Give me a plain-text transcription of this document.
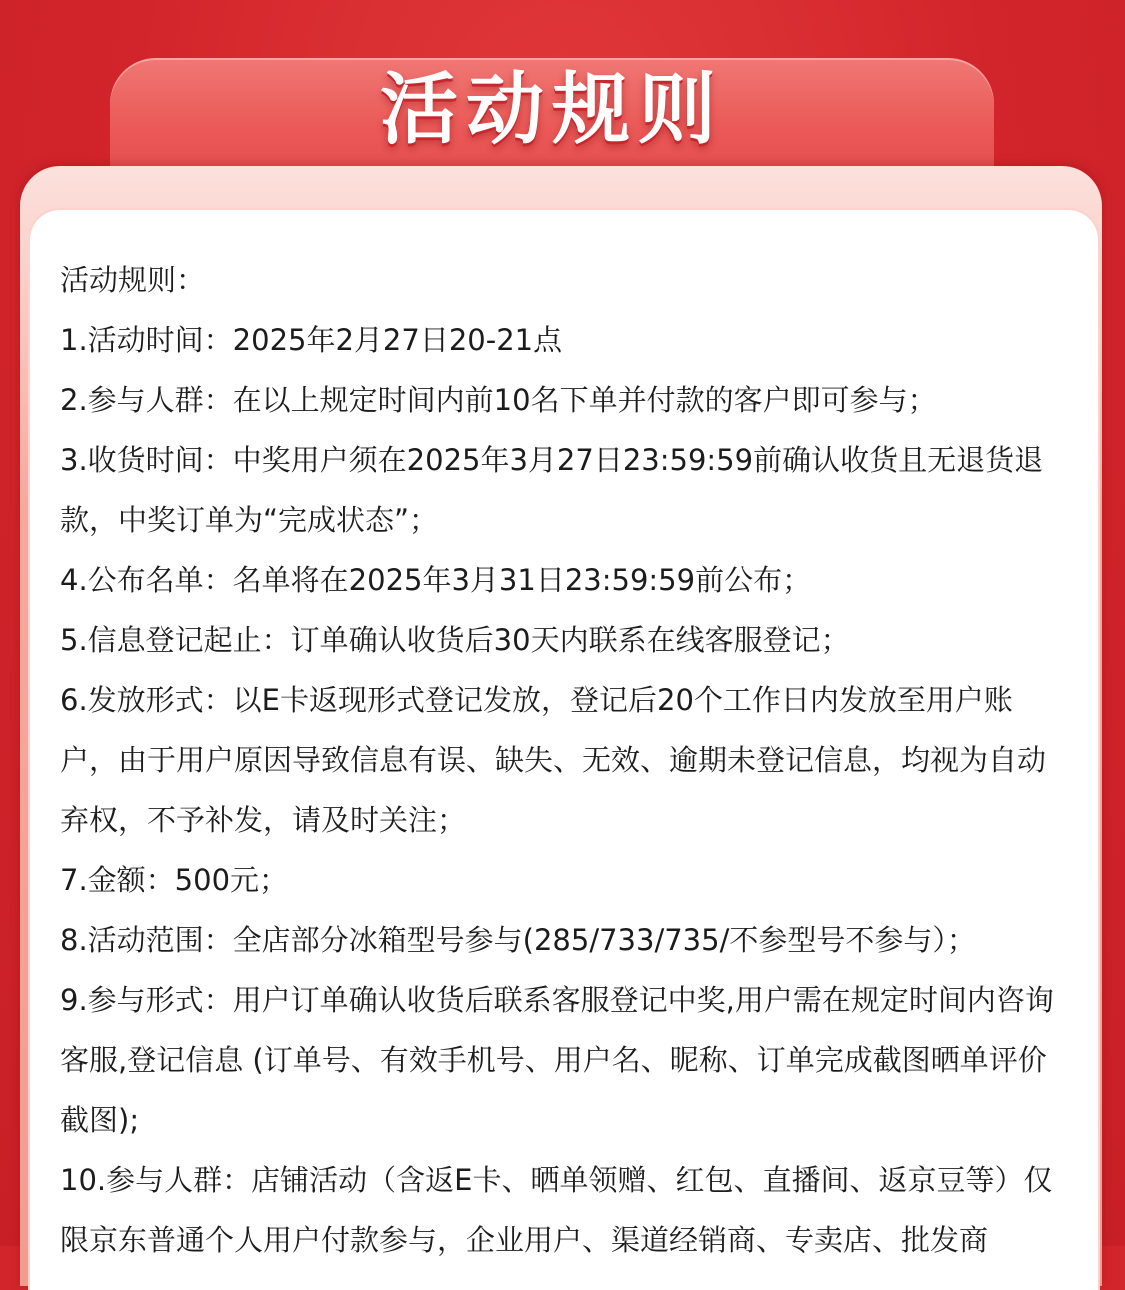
活动规则
活动规则：
1.活动时间：2025年2月27日20-21点
2.参与人群：在以上规定时间内前10名下单并付款的客户即可参与；
3.收货时间：中奖用户须在2025年3月27日23:59:59前确认收货且无退货退款，中奖订单为“完成状态”；
4.公布名单：名单将在2025年3月31日23:59:59前公布；
5.信息登记起止：订单确认收货后30天内联系在线客服登记；
6.发放形式：以E卡返现形式登记发放，登记后20个工作日内发放至用户账户，由于用户原因导致信息有误、缺失、无效、逾期未登记信息，均视为自动弃权，不予补发，请及时关注；
7.金额：500元；
8.活动范围：全店部分冰箱型号参与(285/733/735/不参型号不参与）；
9.参与形式：用户订单确认收货后联系客服登记中奖,用户需在规定时间内咨询客服,登记信息 (订单号、有效手机号、用户名、昵称、订单完成截图晒单评价截图);
10.参与人群：店铺活动（含返E卡、晒单领赠、红包、直播间、返京豆等）仅限京东普通个人用户付款参与，企业用户、渠道经销商、专卖店、批发商
